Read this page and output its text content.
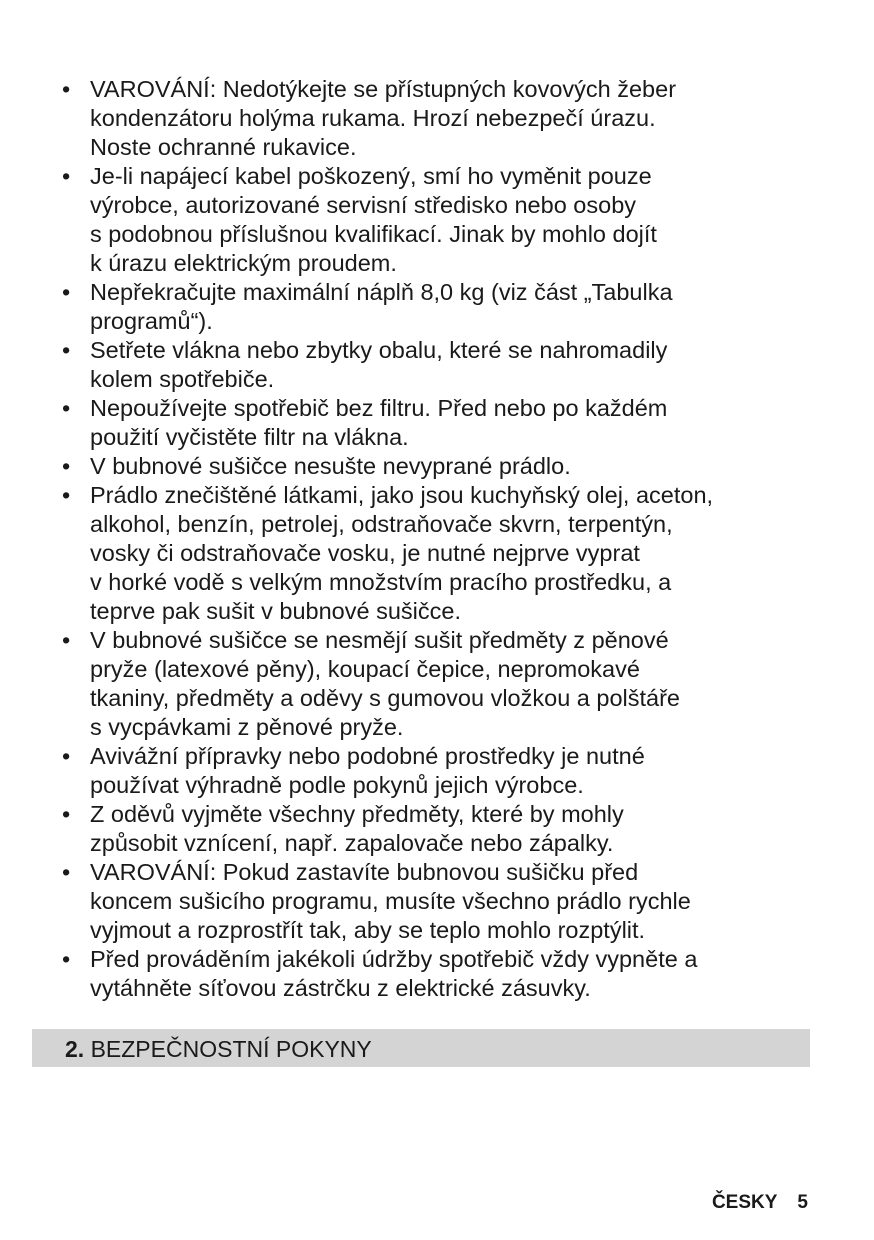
• VAROVÁNÍ: Nedotýkejte se přístupných kovových žeber
kondenzátoru holýma rukama. Hrozí nebezpečí úrazu.
Noste ochranné rukavice.
• Je-li napájecí kabel poškozený, smí ho vyměnit pouze
výrobce, autorizované servisní středisko nebo osoby
s podobnou příslušnou kvalifikací. Jinak by mohlo dojít
k úrazu elektrickým proudem.
• Nepřekračujte maximální náplň 8,0 kg (viz část „Tabulka
programů“).
• Setřete vlákna nebo zbytky obalu, které se nahromadily
kolem spotřebiče.
• Nepoužívejte spotřebič bez filtru. Před nebo po každém
použití vyčistěte filtr na vlákna.
• V bubnové sušičce nesušte nevyprané prádlo.
• Prádlo znečištěné látkami, jako jsou kuchyňský olej, aceton,
alkohol, benzín, petrolej, odstraňovače skvrn, terpentýn,
vosky či odstraňovače vosku, je nutné nejprve vyprat
v horké vodě s velkým množstvím pracího prostředku, a
teprve pak sušit v bubnové sušičce.
• V bubnové sušičce se nesmějí sušit předměty z pěnové
pryže (latexové pěny), koupací čepice, nepromokavé
tkaniny, předměty a oděvy s gumovou vložkou a polštáře
s vycpávkami z pěnové pryže.
• Avivážní přípravky nebo podobné prostředky je nutné
používat výhradně podle pokynů jejich výrobce.
• Z oděvů vyjměte všechny předměty, které by mohly
způsobit vznícení, např. zapalovače nebo zápalky.
• VAROVÁNÍ: Pokud zastavíte bubnovou sušičku před
koncem sušicího programu, musíte všechno prádlo rychle
vyjmout a rozprostřít tak, aby se teplo mohlo rozptýlit.
• Před prováděním jakékoli údržby spotřebič vždy vypněte a
vytáhněte síťovou zástrčku z elektrické zásuvky.
2. BEZPEČNOSTNÍ POKYNY
ČESKY 5
